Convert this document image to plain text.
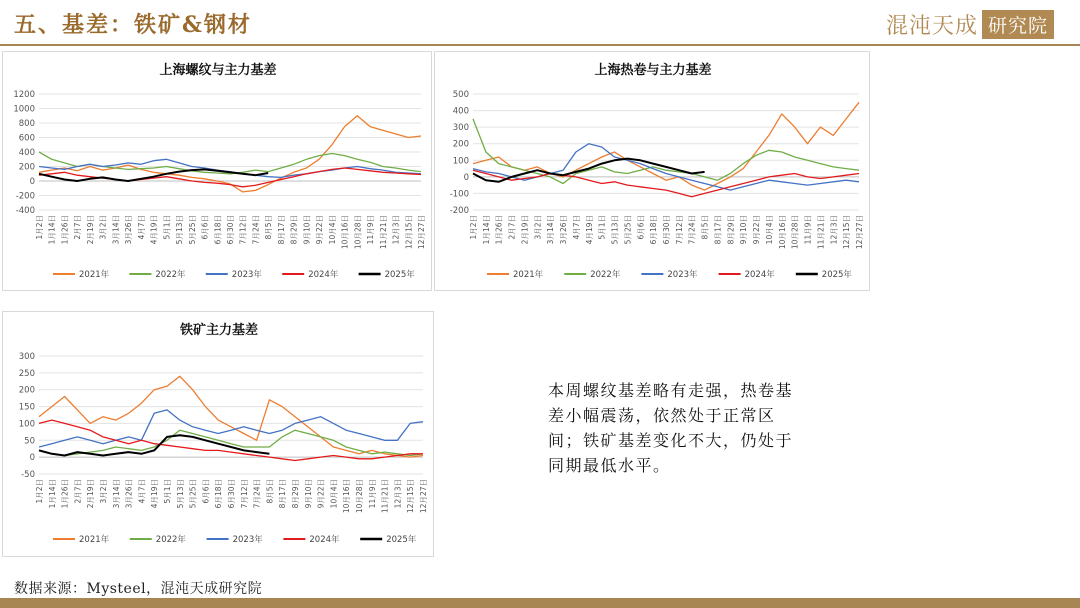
五、基差：铁矿&钢材	混沌天成 研究院
上海螺纹与主力基差
-400
-200
0
200
400
600
800
1000
1200
1月2日 1月14日 1月26日 2月7日 2月19日 3月2日 3月14日 3月26日 4月7日 4月19日 5月1日 5月13日 5月25日 6月6日 6月18日 6月30日 7月12日 7月24日 8月5日 8月17日 8月29日 9月10日 9月22日 10月4日 10月16日 10月28日 11月9日 11月21日 12月3日 12月15日 12月27日
2021年	2022年	2023年	2024年	2025年
上海热卷与主力基差
-200
-100
0
100
200
300
400
500
1月2日 1月14日 1月26日 2月7日 2月19日 3月2日 3月14日 3月26日 4月7日 4月19日 5月1日 5月13日 5月25日 6月6日 6月18日 6月30日 7月12日 7月24日 8月5日 8月17日 8月29日 9月10日 9月22日 10月4日 10月16日 10月28日 11月9日 11月21日 12月3日 12月15日 12月27日
2021年	2022年	2023年	2024年	2025年
铁矿主力基差
-50
0
50
100
150
200
250
300
1月2日 1月14日 1月26日 2月7日 2月19日 3月2日 3月14日 3月26日 4月7日 4月19日 5月1日 5月13日 5月25日 6月6日 6月18日 6月30日 7月12日 7月24日 8月5日 8月17日 8月29日 9月10日 9月22日 10月4日 10月16日 10月28日 11月9日 11月21日 12月3日 12月15日 12月27日
2021年	2022年	2023年	2024年	2025年
本周螺纹基差略有走强，热卷基差小幅震荡，依然处于正常区间；铁矿基差变化不大，仍处于同期最低水平。
数据来源：Mysteel，混沌天成研究院
